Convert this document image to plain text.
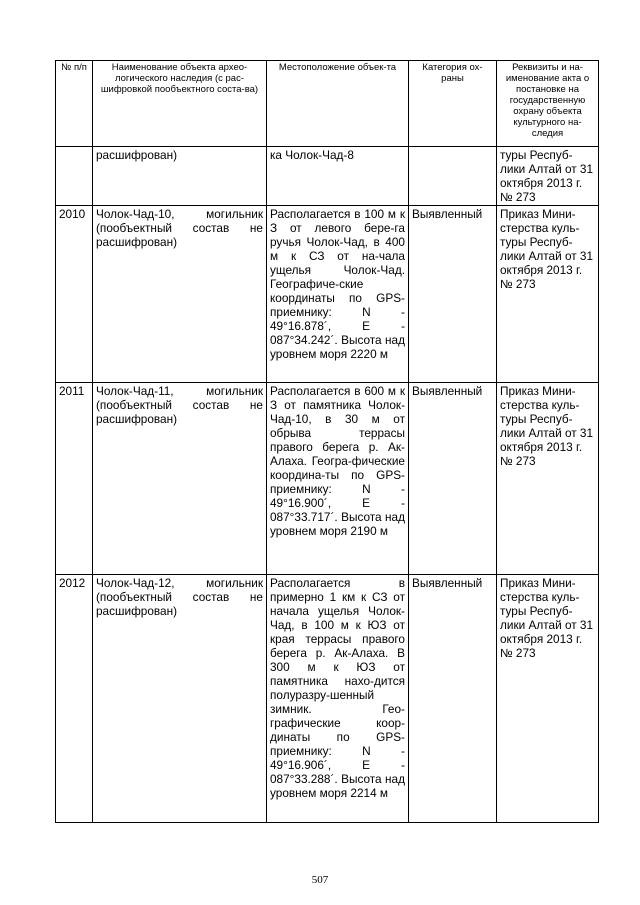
№ п/п	Наименование объекта архео-логического наследия (с рас-шифровкой пообъектного соста-ва)	Местоположение объек-та	Категория ох-раны	Реквизиты и на-именование акта о постановке на государственную охрану объекта культурного на-следия
	расшифрован)	ка Чолок-Чад-8		туры Респуб-лики Алтай от 31 октября 2013 г. № 273
2010	Чолок-Чад-10, могильник (пообъектный состав не расшифрован)	Располагается в 100 м к З от левого бере-га ручья Чолок-Чад, в 400 м к СЗ от на-чала ущелья Чолок-Чад. Географиче-ские координаты по GPS-приемнику: N - 49°16.878´, Е - 087°34.242´. Высота над уровнем моря 2220 м	Выявленный	Приказ Мини-стерства куль-туры Респуб-лики Алтай от 31 октября 2013 г. № 273
2011	Чолок-Чад-11, могильник (пообъектный состав не расшифрован)	Располагается в 600 м к З от памятника Чолок-Чад-10, в 30 м от обрыва террасы правого берега р. Ак-Алаха. Геогра-фические координа-ты по GPS-приемнику: N - 49°16.900´, Е - 087°33.717´. Высота над уровнем моря 2190 м	Выявленный	Приказ Мини-стерства куль-туры Респуб-лики Алтай от 31 октября 2013 г. № 273
2012	Чолок-Чад-12, могильник (пообъектный состав не расшифрован)	Располагается в примерно 1 км к СЗ от начала ущелья Чолок-Чад, в 100 м к ЮЗ от края террасы правого берега р. Ак-Алаха. В 300 м к ЮЗ от памятника нахо-дится полуразру-шенный зимник. Гео-графические коор-динаты по GPS-приемнику: N - 49°16.906´, Е - 087°33.288´. Высота над уровнем моря 2214 м	Выявленный	Приказ Мини-стерства куль-туры Респуб-лики Алтай от 31 октября 2013 г. № 273
507
